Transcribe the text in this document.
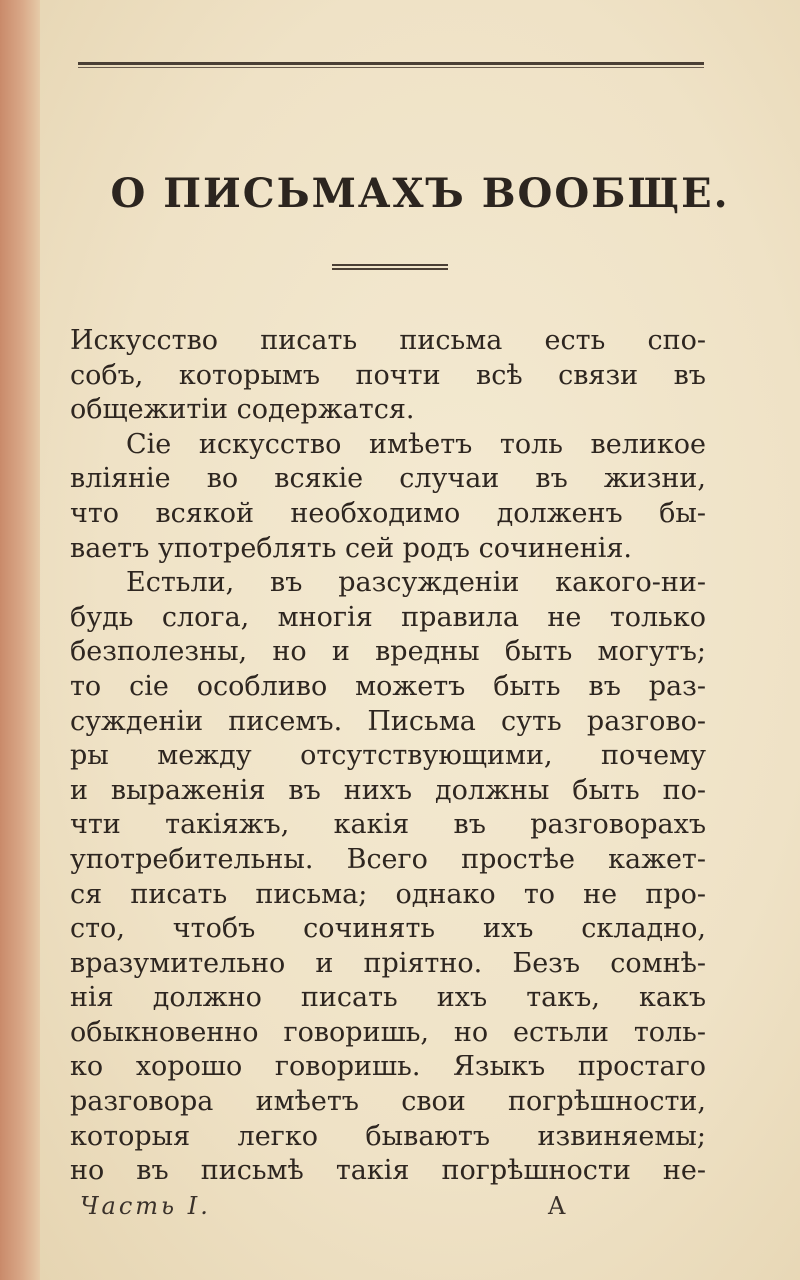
О ПИСЬМАХЪ ВООБЩЕ.
Искусство писать письма есть спо-
собъ, которымъ почти всѣ связи въ
общежитiи содержатся.
Сiе искусство имѣетъ толь великое
влiянiе во всякiе случаи въ жизни,
что всякой необходимо долженъ бы-
ваетъ употреблять сей родъ сочиненiя.
Естьли, въ разсужденiи какого-ни-
будь слога, многiя правила не только
безполезны, но и вредны быть могутъ;
то сiе особливо можетъ быть въ раз-
сужденiи писемъ. Письма суть разгово-
ры между отсутствующими, почему
и выраженiя въ нихъ должны быть по-
чти такiяжъ, какiя въ разговорахъ
употребительны. Всего простѣе кажет-
ся писать письма; однако то не про-
сто, чтобъ сочинять ихъ складно,
вразумительно и прiятно. Безъ сомнѣ-
нiя должно писать ихъ такъ, какъ
обыкновенно говоришь, но естьли толь-
ко хорошо говоришь. Языкъ простаго
разговора имѣетъ свои погрѣшности,
которыя легко бываютъ извиняемы;
но въ письмѣ такiя погрѣшности не-
Часть I.	A
